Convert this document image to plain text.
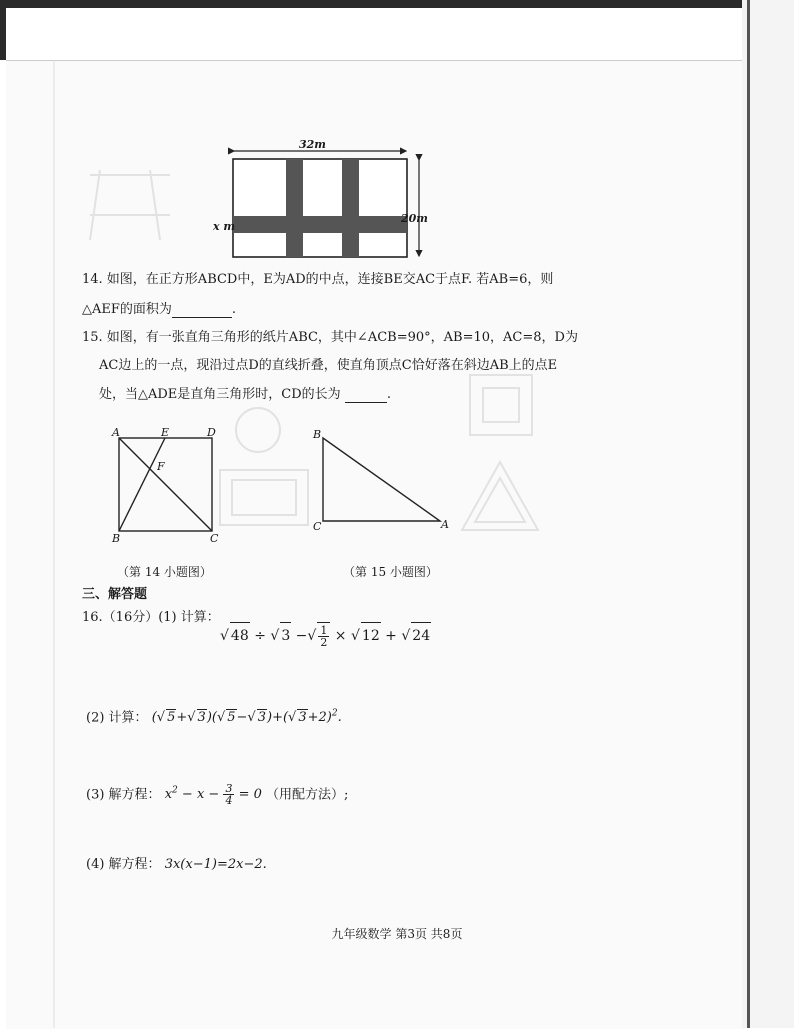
32m
20m
x m
14. 如图，在正方形ABCD中，E为AD的中点，连接BE交AC于点F. 若AB=6，则
△AEF的面积为	.
15. 如图，有一张直角三角形的纸片ABC，其中∠ACB=90°，AB=10，AC=8，D为
AC边上的一点，现沿过点D的直线折叠，使直角顶点C恰好落在斜边AB上的点E
处，当△ADE是直角三角形时，CD的长为	.
A	E	D
F
B	C
（第 14 小题图）
B
C	A
（第 15 小题图）
三、解答题
16.（16分）(1) 计算：
√ 48 ÷ √ 3 −√ $\frac{1}{2}$ × √ 12 + √ 24
(2) 计算： (√ 5+√ 3)(√ 5−√ 3)+(√ 3+2)$^2$.
(3) 解方程： $x^2 - x - \frac{3}{4} = 0$ （用配方法）;
(4) 解方程： 3x(x−1)=2x−2.
九年级数学 第3页 共8页
